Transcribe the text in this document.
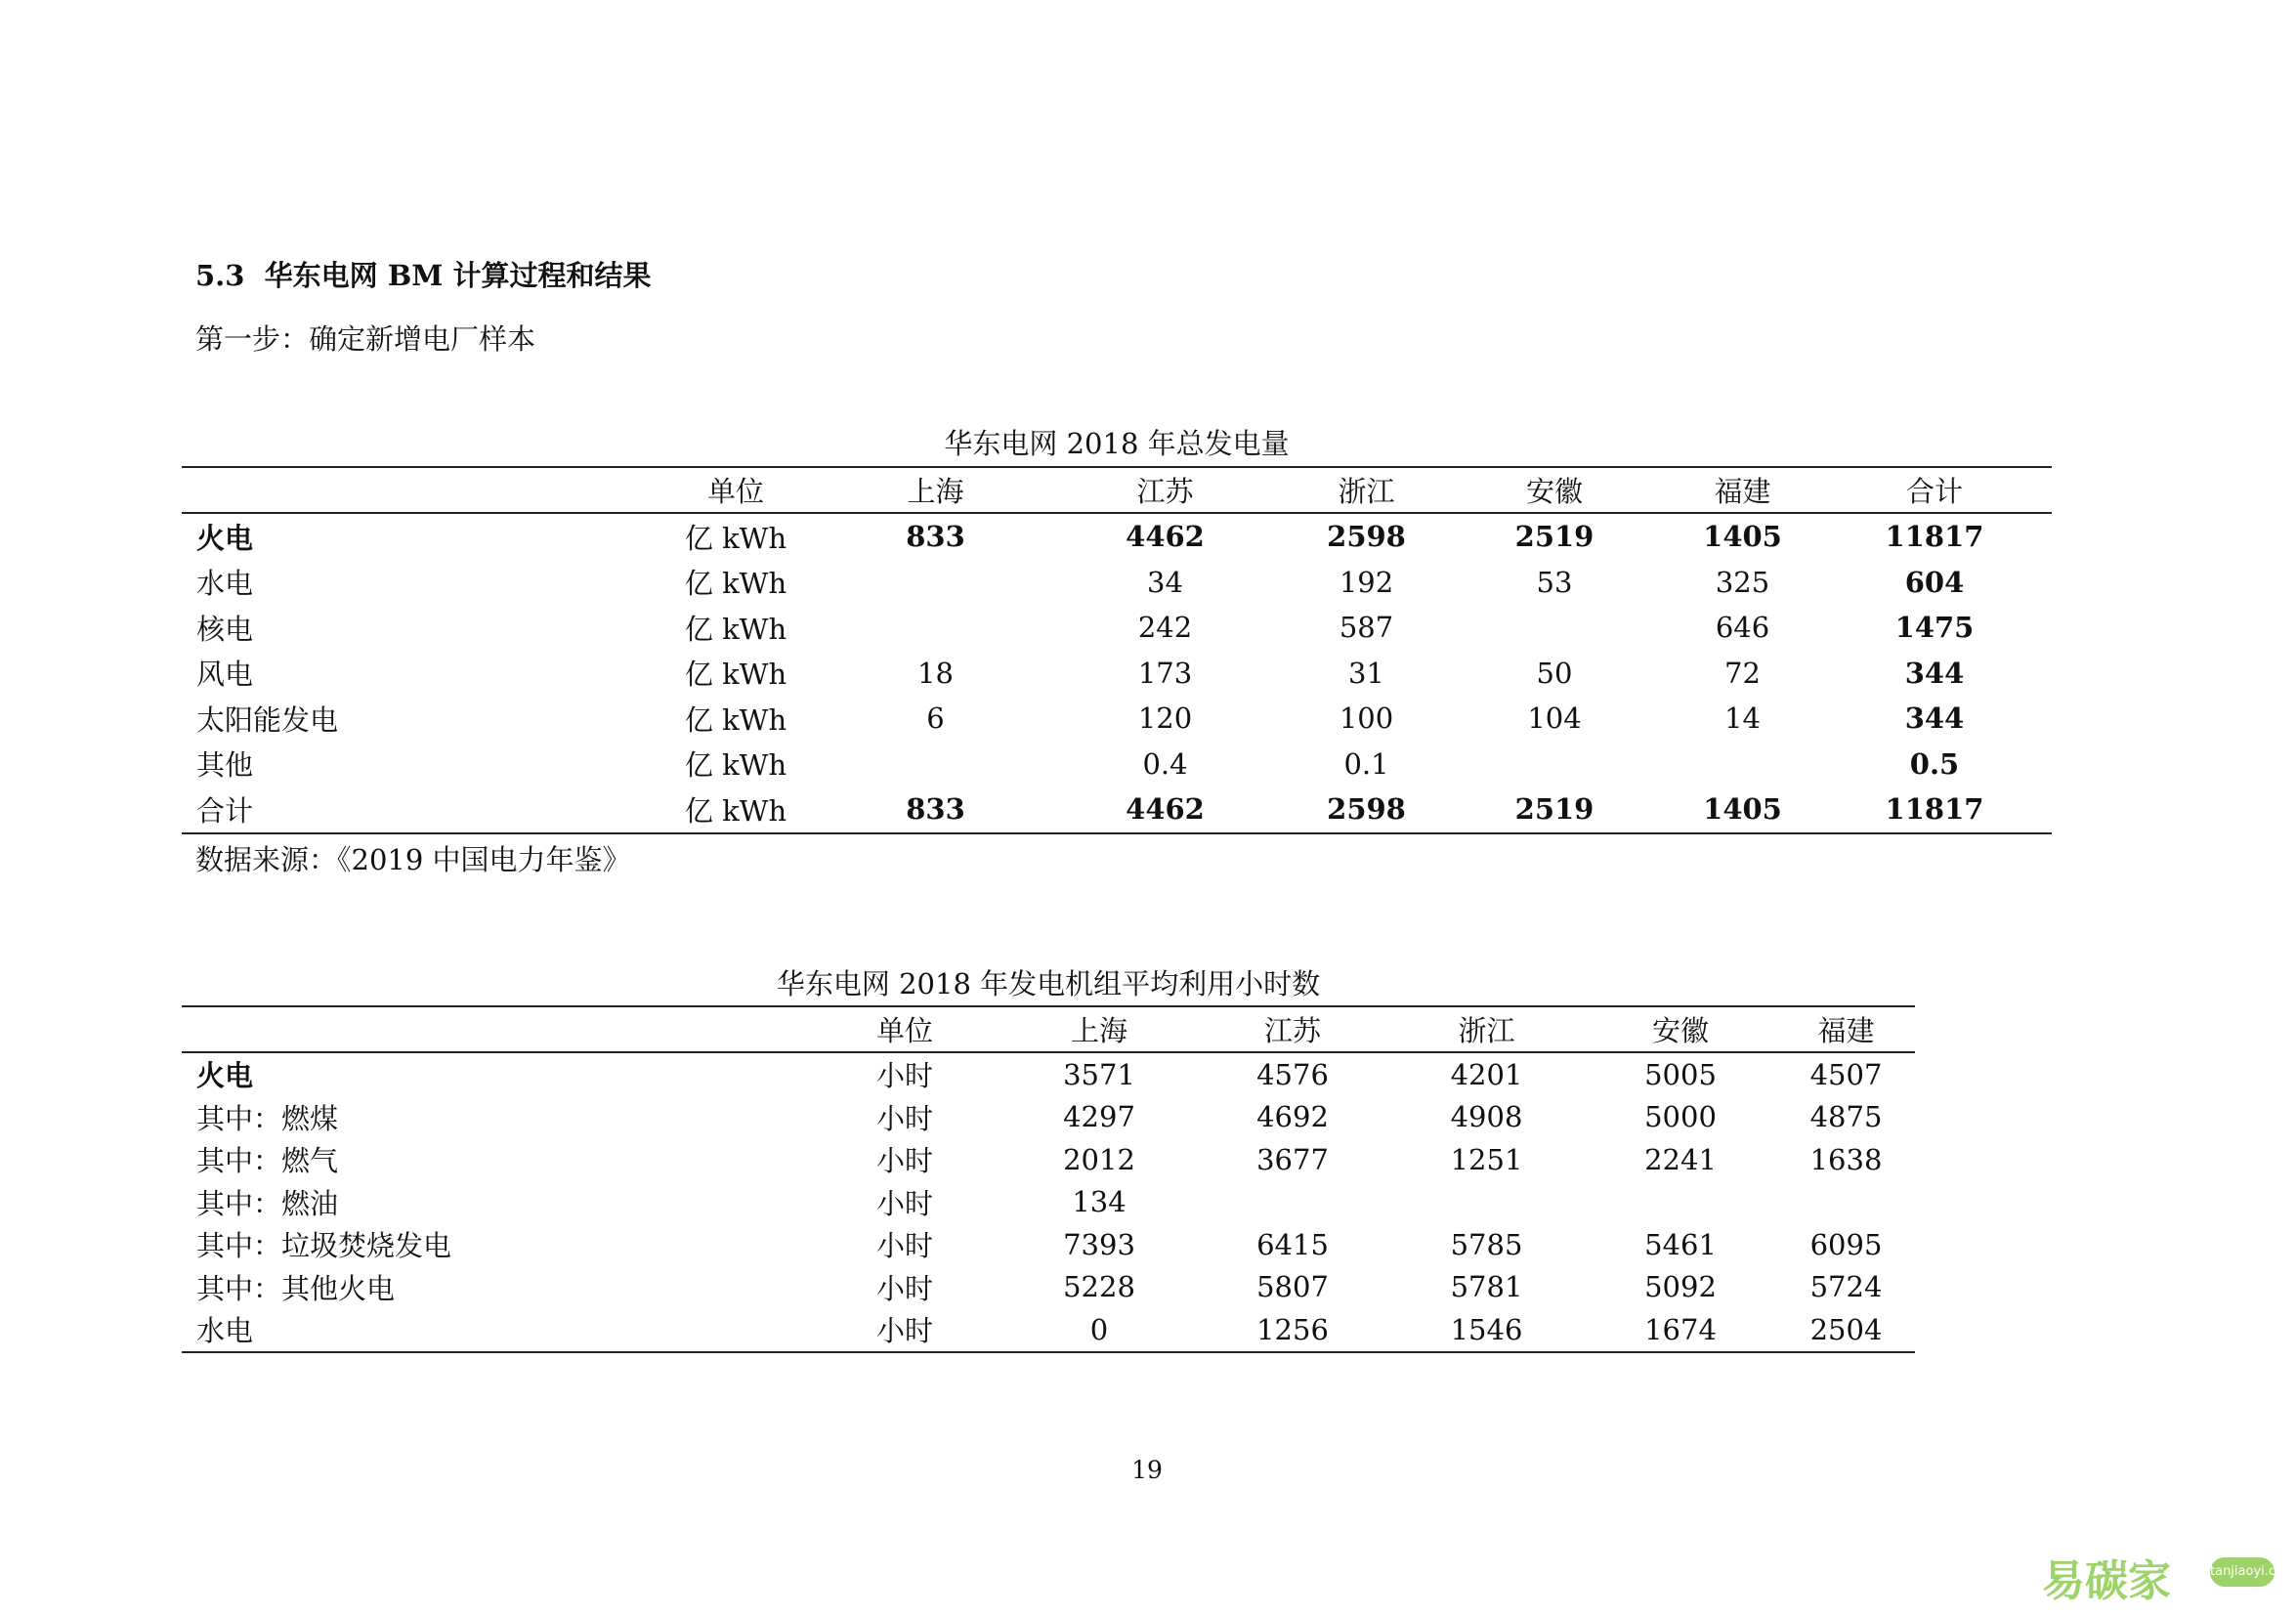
5.3 华东电网 BM 计算过程和结果
第一步：确定新增电厂样本
华东电网 2018 年总发电量
	单位	上海	江苏	浙江	安徽	福建	合计
火电	亿 kWh	833	4462	2598	2519	1405	11817
水电	亿 kWh		34	192	53	325	604
核电	亿 kWh		242	587		646	1475
风电	亿 kWh	18	173	31	50	72	344
太阳能发电	亿 kWh	6	120	100	104	14	344
其他	亿 kWh		0.4	0.1			0.5
合计	亿 kWh	833	4462	2598	2519	1405	11817
数据来源：《2019 中国电力年鉴》
华东电网 2018 年发电机组平均利用小时数
	单位	上海	江苏	浙江	安徽	福建
火电	小时	3571	4576	4201	5005	4507
其中：燃煤	小时	4297	4692	4908	5000	4875
其中：燃气	小时	2012	3677	1251	2241	1638
其中：燃油	小时	134				
其中：垃圾焚烧发电	小时	7393	6415	5785	5461	6095
其中：其他火电	小时	5228	5807	5781	5092	5724
水电	小时	0	1256	1546	1674	2504
19
易碳家	tanjiaoyi.com
